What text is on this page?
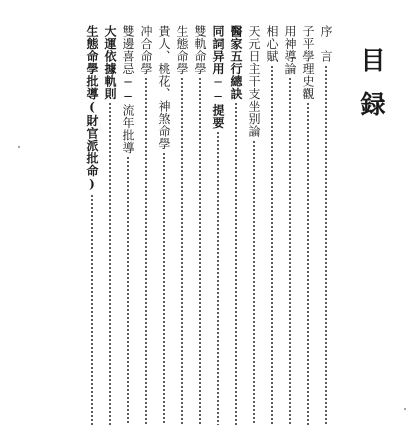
目
録
序　言
子平學理史觀
用神導論
相心賦
天元日主干支坐别論
醫家五行總訣
同詞异用──提要
雙軌命學
生態命學
貴人、桃花、神煞命學
冲合命學
雙邊喜忌──流年批導
大運依據軌則
生態命學批導(財官派批命)
